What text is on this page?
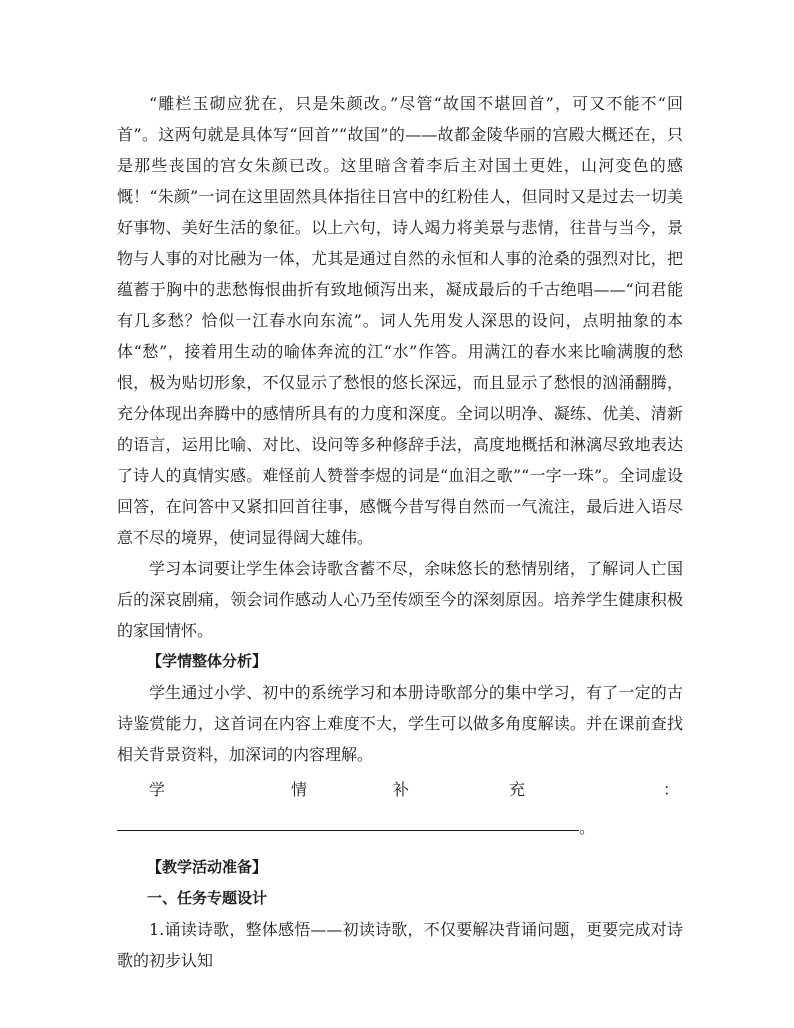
“雕栏玉砌应犹在，只是朱颜改。”尽管“故国不堪回首”，可又不能不“回首”。这两句就是具体写“回首”“故国”的——故都金陵华丽的宫殿大概还在，只是那些丧国的宫女朱颜已改。这里暗含着李后主对国土更姓，山河变色的感慨！“朱颜”一词在这里固然具体指往日宫中的红粉佳人，但同时又是过去一切美好事物、美好生活的象征。以上六句，诗人竭力将美景与悲情，往昔与当今，景物与人事的对比融为一体，尤其是通过自然的永恒和人事的沧桑的强烈对比，把蕴蓄于胸中的悲愁悔恨曲折有致地倾泻出来，凝成最后的千古绝唱——“问君能有几多愁？恰似一江春水向东流”。词人先用发人深思的设问，点明抽象的本体“愁”，接着用生动的喻体奔流的江“水”作答。用满江的春水来比喻满腹的愁恨，极为贴切形象，不仅显示了愁恨的悠长深远，而且显示了愁恨的汹涌翻腾，充分体现出奔腾中的感情所具有的力度和深度。全词以明净、凝练、优美、清新的语言，运用比喻、对比、设问等多种修辞手法，高度地概括和淋漓尽致地表达了诗人的真情实感。难怪前人赞誉李煜的词是“血泪之歌”“一字一珠”。全词虚设回答，在问答中又紧扣回首往事，感慨今昔写得自然而一气流注，最后进入语尽意不尽的境界，使词显得阔大雄伟。

学习本词要让学生体会诗歌含蓄不尽，余味悠长的愁情别绪，了解词人亡国后的深哀剧痛，领会词作感动人心乃至传颂至今的深刻原因。培养学生健康积极的家国情怀。

【学情整体分析】

学生通过小学、初中的系统学习和本册诗歌部分的集中学习，有了一定的古诗鉴赏能力，这首词在内容上难度不大，学生可以做多角度解读。并在课前查找相关背景资料，加深词的内容理解。

学	情	补	充	：
。

【教学活动准备】

一、任务专题设计

1.诵读诗歌，整体感悟——初读诗歌，不仅要解决背诵问题，更要完成对诗歌的初步认知
